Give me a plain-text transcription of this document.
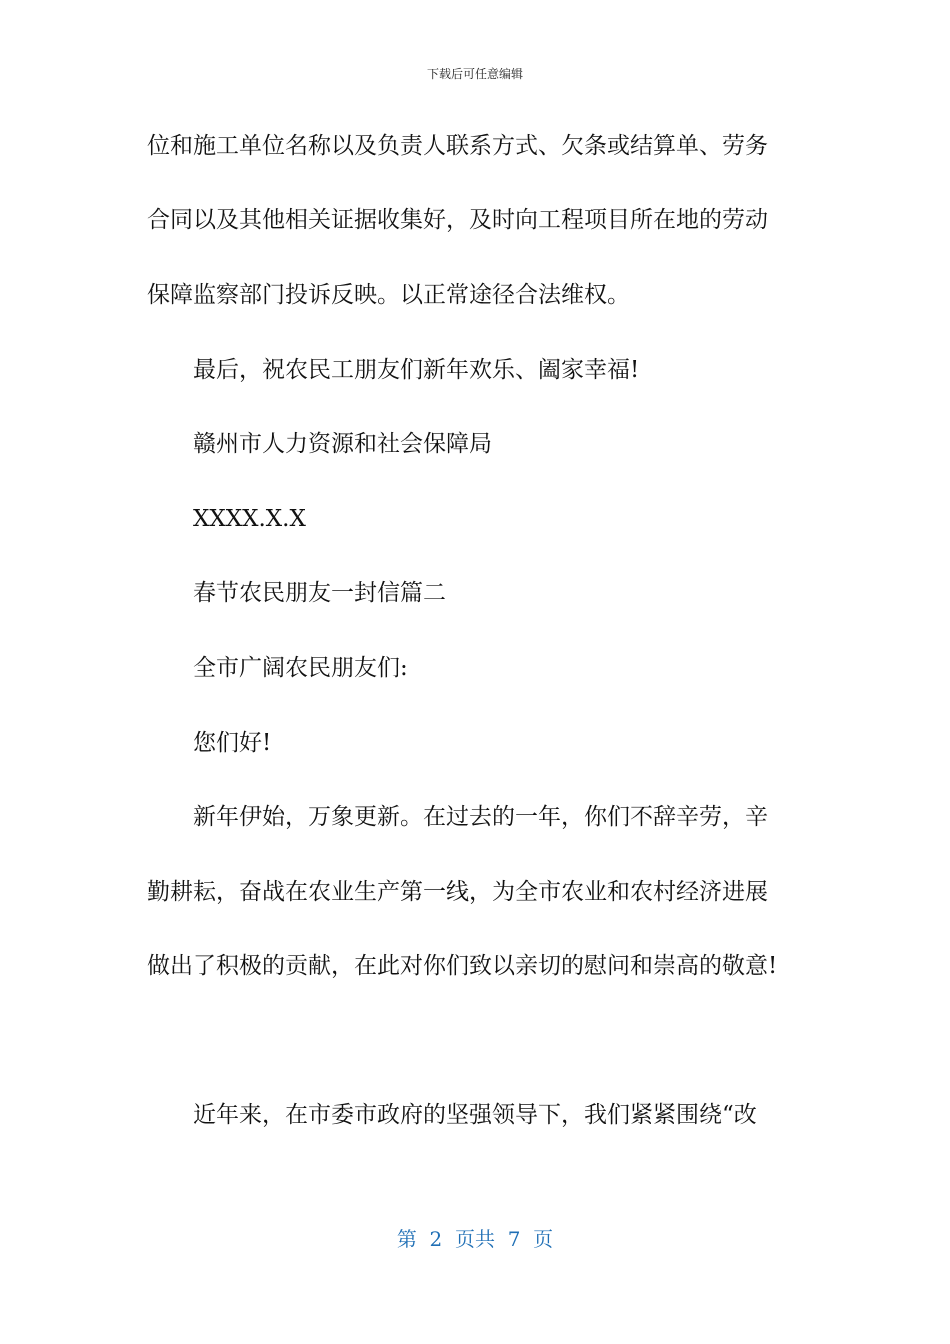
下载后可任意编辑
位和施工单位名称以及负责人联系方式、欠条或结算单、劳务
合同以及其他相关证据收集好，及时向工程项目所在地的劳动
保障监察部门投诉反映。以正常途径合法维权。
最后，祝农民工朋友们新年欢乐、阖家幸福!
赣州市人力资源和社会保障局
XXXX.X.X
春节农民朋友一封信篇二
全市广阔农民朋友们:
您们好!
新年伊始，万象更新。在过去的一年，你们不辞辛劳，辛
勤耕耘，奋战在农业生产第一线，为全市农业和农村经济进展
做出了积极的贡献，在此对你们致以亲切的慰问和崇高的敬意!
近年来，在市委市政府的坚强领导下，我们紧紧围绕“改
第  2  页共  7  页
